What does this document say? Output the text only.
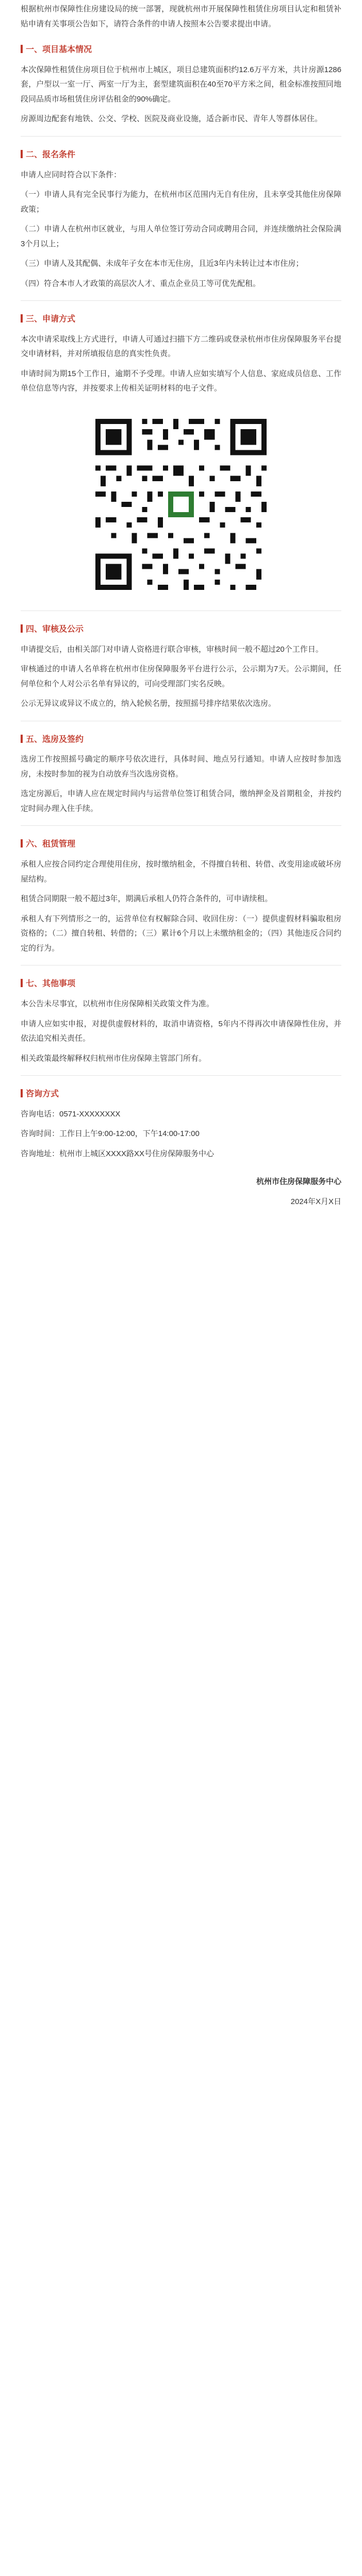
根据杭州市保障性住房建设局的统一部署，现就杭州市开展保障性租赁住房项目认定和租赁补贴申请有关事项公告如下，请符合条件的申请人按照本公告要求提出申请。

一、项目基本情况

本次保障性租赁住房项目位于杭州市上城区，项目总建筑面积约12.6万平方米，共计房源1286套，户型以一室一厅、两室一厅为主，套型建筑面积在40至70平方米之间，租金标准按照同地段同品质市场租赁住房评估租金的90%确定。

房源周边配套有地铁、公交、学校、医院及商业设施，适合新市民、青年人等群体居住。

二、报名条件

申请人应同时符合以下条件：

（一）申请人具有完全民事行为能力，在杭州市区范围内无自有住房，且未享受其他住房保障政策；

（二）申请人在杭州市区就业，与用人单位签订劳动合同或聘用合同，并连续缴纳社会保险满3个月以上；

（三）申请人及其配偶、未成年子女在本市无住房，且近3年内未转让过本市住房；

（四）符合本市人才政策的高层次人才、重点企业员工等可优先配租。

三、申请方式

本次申请采取线上方式进行，申请人可通过扫描下方二维码或登录杭州市住房保障服务平台提交申请材料，并对所填报信息的真实性负责。

申请时间为期15个工作日，逾期不予受理。申请人应如实填写个人信息、家庭成员信息、工作单位信息等内容，并按要求上传相关证明材料的电子文件。

四、审核及公示

申请提交后，由相关部门对申请人资格进行联合审核，审核时间一般不超过20个工作日。

审核通过的申请人名单将在杭州市住房保障服务平台进行公示，公示期为7天。公示期间，任何单位和个人对公示名单有异议的，可向受理部门实名反映。

公示无异议或异议不成立的，纳入轮候名册，按照摇号排序结果依次选房。

五、选房及签约

选房工作按照摇号确定的顺序号依次进行，具体时间、地点另行通知。申请人应按时参加选房，未按时参加的视为自动放弃当次选房资格。

选定房源后，申请人应在规定时间内与运营单位签订租赁合同，缴纳押金及首期租金，并按约定时间办理入住手续。

六、租赁管理

承租人应按合同约定合理使用住房，按时缴纳租金，不得擅自转租、转借、改变用途或破坏房屋结构。

租赁合同期限一般不超过3年，期满后承租人仍符合条件的，可申请续租。

承租人有下列情形之一的，运营单位有权解除合同、收回住房：（一）提供虚假材料骗取租房资格的；（二）擅自转租、转借的；（三）累计6个月以上未缴纳租金的；（四）其他违反合同约定的行为。

七、其他事项

本公告未尽事宜，以杭州市住房保障相关政策文件为准。

申请人应如实申报，对提供虚假材料的，取消申请资格，5年内不得再次申请保障性住房，并依法追究相关责任。

相关政策最终解释权归杭州市住房保障主管部门所有。

咨询方式

咨询电话：0571-XXXXXXXX

咨询时间：工作日上午9:00-12:00，下午14:00-17:00

咨询地址：杭州市上城区XXXX路XX号住房保障服务中心

杭州市住房保障服务中心

2024年X月X日
